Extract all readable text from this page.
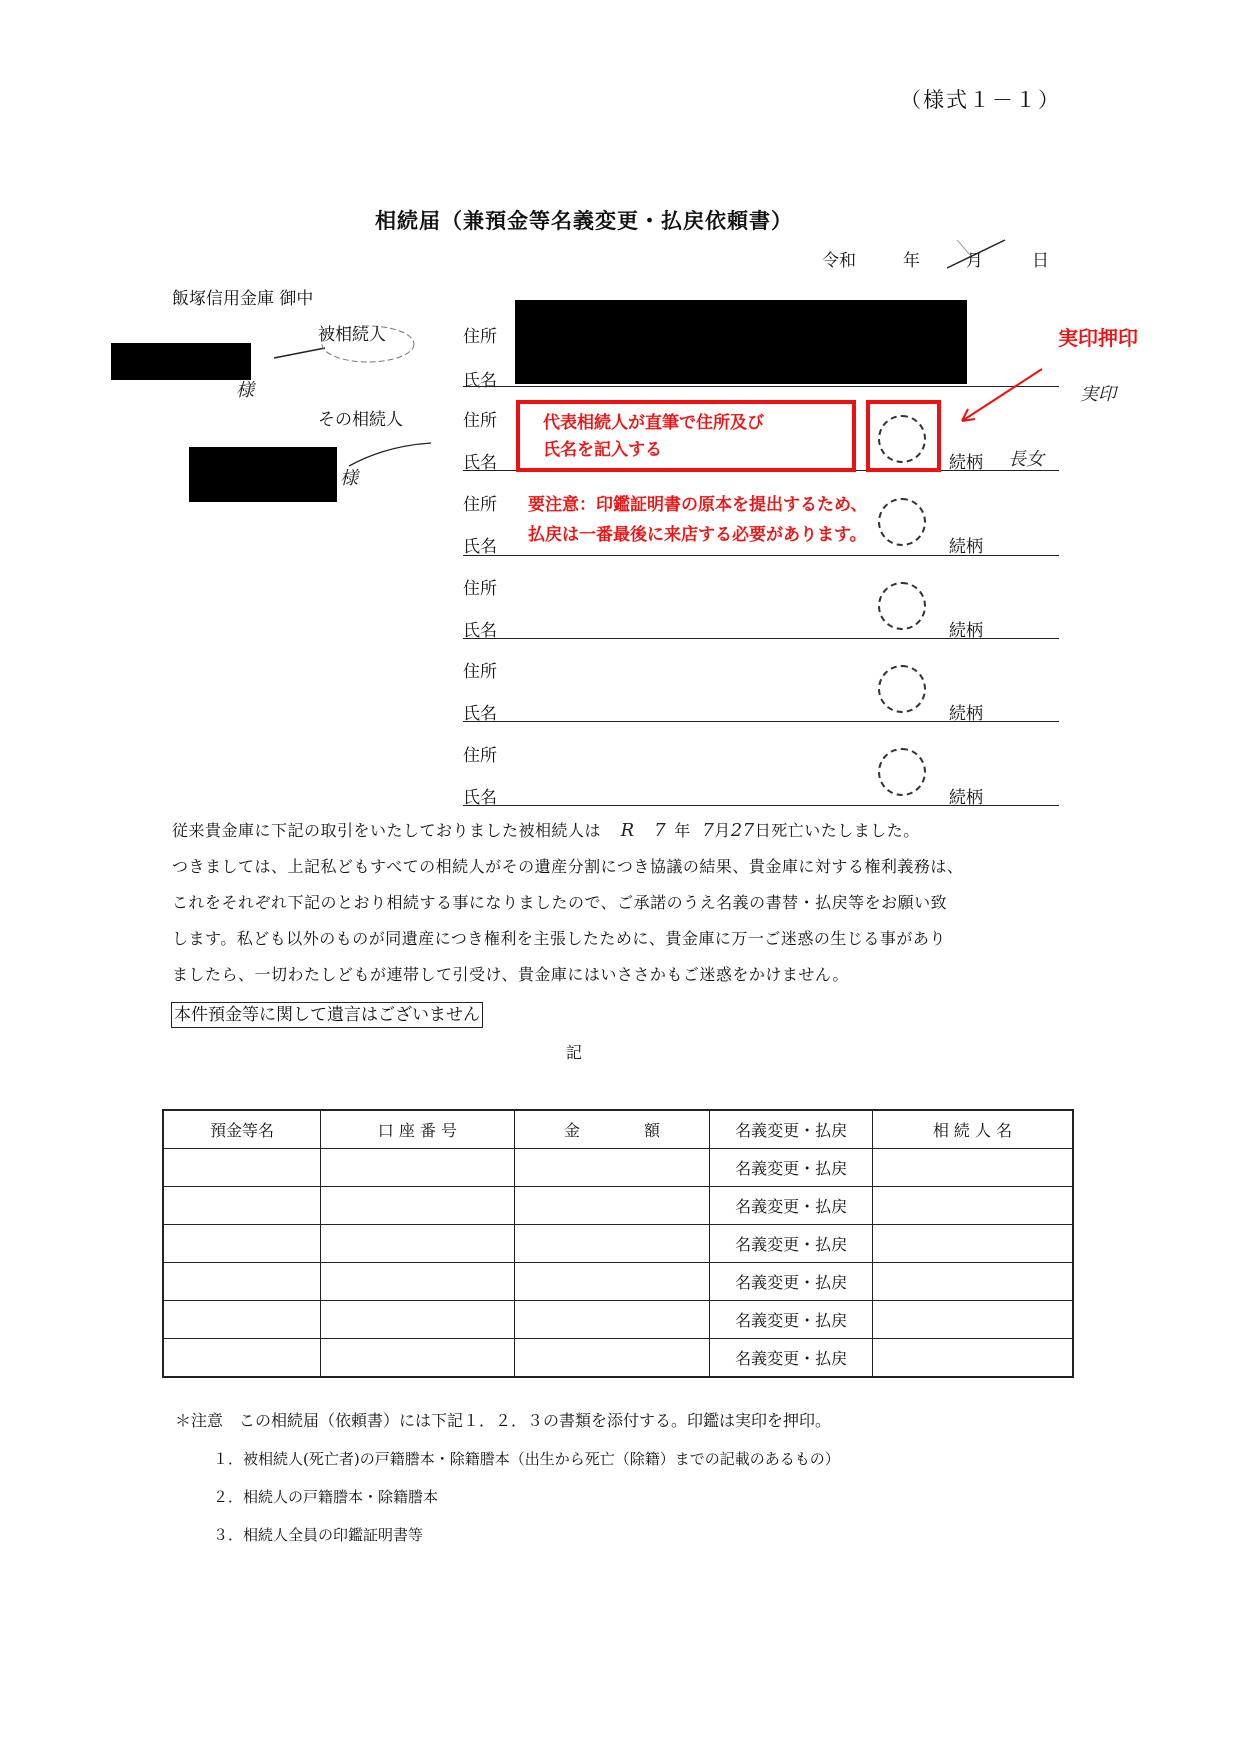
（様式１－１）
相続届（兼預金等名義変更・払戻依頼書）
令和	年	月	日
飯塚信用金庫 御中
様
被相続人	住所
氏名
その相続人
様
住所
氏名	続柄 長女
住所
氏名	続柄
住所
氏名	続柄
住所
氏名	続柄
住所
氏名	続柄
代表相続人が直筆で住所及び
氏名を記入する
実印押印
実印
要注意：印鑑証明書の原本を提出するため、
払戻は一番最後に来店する必要があります。
従来貴金庫に下記の取引をいたしておりました被相続人は R 7 年 7月27日死亡いたしました。
つきましては、上記私どもすべての相続人がその遺産分割につき協議の結果、貴金庫に対する権利義務は、
これをそれぞれ下記のとおり相続する事になりましたので、ご承諾のうえ名義の書替・払戻等をお願い致
します。私ども以外のものが同遺産につき権利を主張したために、貴金庫に万一ご迷惑の生じる事があり
ましたら、一切わたしどもが連帯して引受け、貴金庫にはいささかもご迷惑をかけません。
本件預金等に関して遺言はございません
記
預金等名	口 座 番 号	金　　　　額	名義変更・払戻	相 続 人 名
			名義変更・払戻	
			名義変更・払戻	
			名義変更・払戻	
			名義変更・払戻	
			名義変更・払戻	
			名義変更・払戻	
＊注意　この相続届（依頼書）には下記１．２．３の書類を添付する。印鑑は実印を押印。
１．被相続人(死亡者)の戸籍謄本・除籍謄本（出生から死亡（除籍）までの記載のあるもの）
２．相続人の戸籍謄本・除籍謄本
３．相続人全員の印鑑証明書等
